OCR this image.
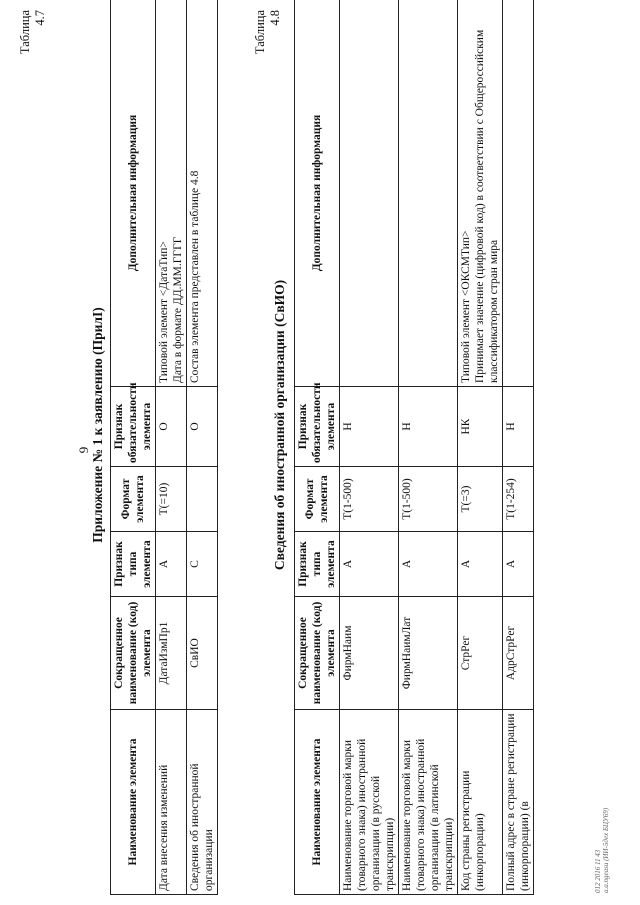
Таблица 4.7
9 Приложение № 1 к заявлению (ПрилI)
Наименование элемента	Сокращенное наименование (код) элемента	Признак типа элемента	Формат элемента	Признак обязательности элемента	Дополнительная информация
Дата внесения изменений	ДатаИзмПр1	А	Т(=10)	О	Типовой элемент <ДатаТип>
Дата в формате ДД.ММ.ГГГГ
Сведения об иностранной организации	СвИО	С		О	Состав элемента представлен в таблице 4.8
Таблица 4.8
Сведения об иностранной организации (СвИО)
Наименование элемента	Сокращенное наименование (код) элемента	Признак типа элемента	Формат элемента	Признак обязательности элемента	Дополнительная информация
Наименование торговой марки (товарного знака) иностранной организации (в русской транскрипции)	ФирмНаим	А	Т(1-500)	Н	
Наименование торговой марки (товарного знака) иностранной организации (в латинской транскрипции)	ФирмНаимЛат	А	Т(1-500)	Н	
Код страны регистрации (инкорпорации)	СтрРег	А	Т(=3)	НК	Типовой элемент <ОКСМТип>
Принимает значение (цифровой код) в соответствии с Общероссийским классификатором стран мира
Полный адрес в стране регистрации (инкорпорации) (в	АдрСтрРег	А	Т(1-254)	Н	
012 2016 11 43 a.a.ngeasu (ИИ-5дех БЦУ69)
